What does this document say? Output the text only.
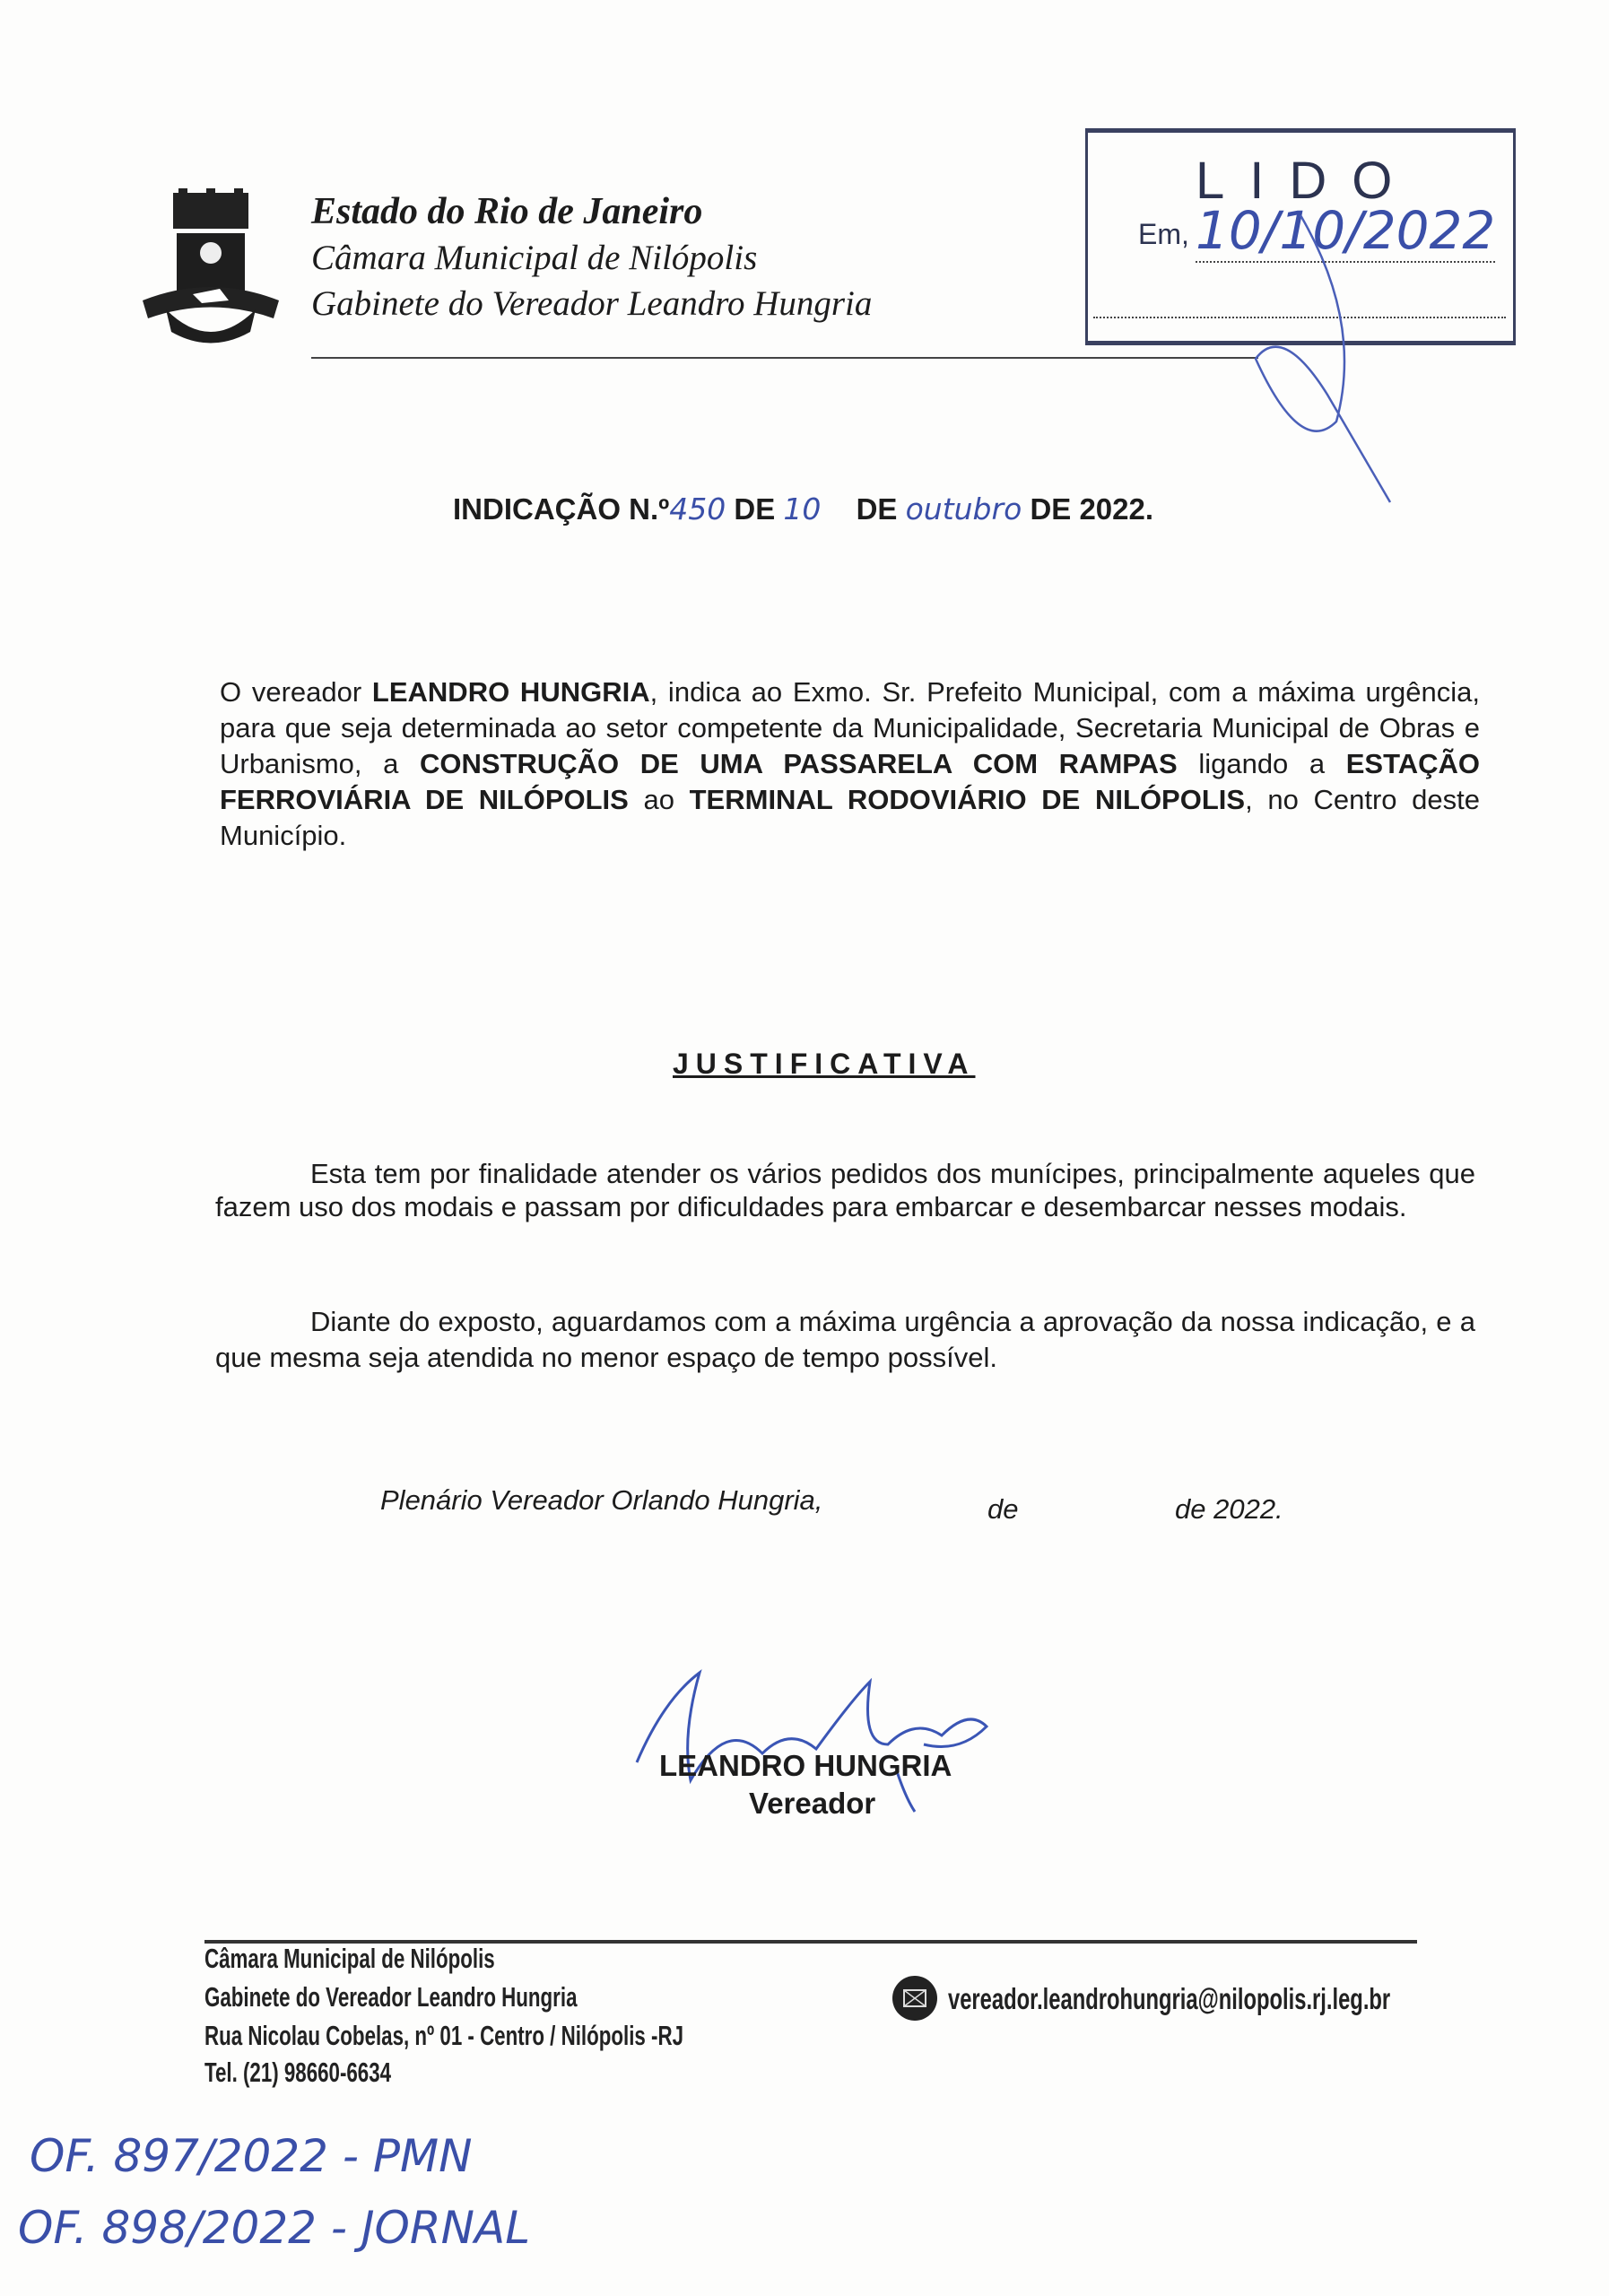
Estado do Rio de Janeiro
Câmara Municipal de Nilópolis
Gabinete do Vereador Leandro Hungria
LIDO
Em, 10/10/2022
INDICAÇÃO N.º450 DE 10 DE outubro DE 2022.
O vereador LEANDRO HUNGRIA, indica ao Exmo. Sr. Prefeito Municipal, com a máxima urgência, para que seja determinada ao setor competente da Municipalidade, Secretaria Municipal de Obras e Urbanismo, a CONSTRUÇÃO DE UMA PASSARELA COM RAMPAS ligando a ESTAÇÃO FERROVIÁRIA DE NILÓPOLIS ao TERMINAL RODOVIÁRIO DE NILÓPOLIS, no Centro deste Município.
JUSTIFICATIVA
Esta tem por finalidade atender os vários pedidos dos munícipes, principalmente aqueles que fazem uso dos modais e passam por dificuldades para embarcar e desembarcar nesses modais.
Diante do exposto, aguardamos com a máxima urgência a aprovação da nossa indicação, e a que mesma seja atendida no menor espaço de tempo possível.
Plenário Vereador Orlando Hungria,	de	de 2022.
LEANDRO HUNGRIA
Vereador
Câmara Municipal de Nilópolis
Gabinete do Vereador Leandro Hungria
Rua Nicolau Cobelas, nº 01 - Centro / Nilópolis -RJ
Tel. (21) 98660-6634
vereador.leandrohungria@nilopolis.rj.leg.br
OF. 897/2022 - PMN
OF. 898/2022 - JORNAL
